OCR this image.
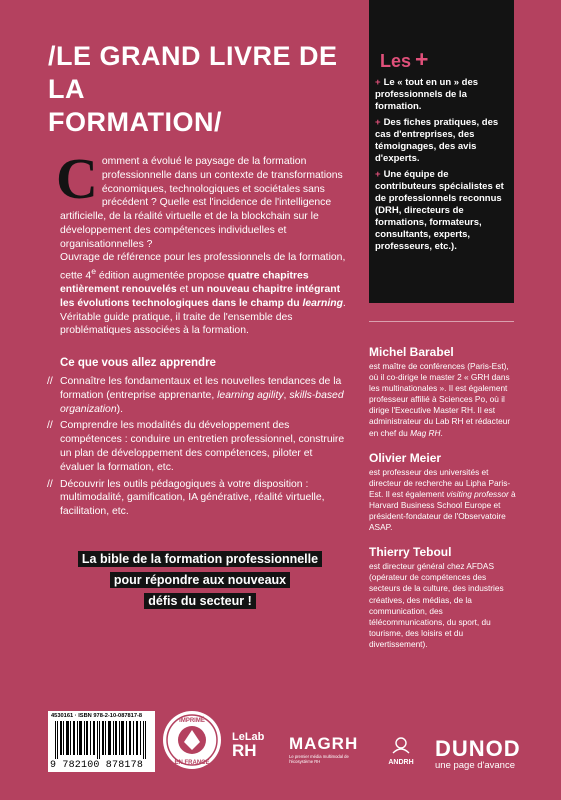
/LE GRAND LIVRE DE LA
FORMATION/

Les +

+ Le « tout en un » des professionnels de la formation.
+ Des fiches pratiques, des cas d'entreprises, des témoignages, des avis d'experts.
+ Une équipe de contributeurs spécialistes et de professionnels reconnus (DRH, directeurs de formations, formateurs, consultants, experts, professeurs, etc.).

Comment a évolué le paysage de la formation professionnelle dans un contexte de transformations économiques, technologiques et sociétales sans précédent ? Quelle est l'incidence de l'intelligence artificielle, de la réalité virtuelle et de la blockchain sur le développement des compétences individuelles et organisationnelles ?

Ouvrage de référence pour les professionnels de la formation, cette 4e édition augmentée propose quatre chapitres entièrement renouvelés et un nouveau chapitre intégrant les évolutions technologiques dans le champ du learning. Véritable guide pratique, il traite de l'ensemble des problématiques associées à la formation.

Ce que vous allez apprendre

// Connaître les fondamentaux et les nouvelles tendances de la formation (entreprise apprenante, learning agility, skills-based organization).
// Comprendre les modalités du développement des compétences : conduire un entretien professionnel, construire un plan de développement des compétences, piloter et évaluer la formation, etc.
// Découvrir les outils pédagogiques à votre disposition : multimodalité, gamification, IA générative, réalité virtuelle, facilitation, etc.

La bible de la formation professionnelle
pour répondre aux nouveaux
défis du secteur !

Michel Barabel

est maître de conférences (Paris-Est), où il co-dirige le master 2 « GRH dans les multinationales ». Il est également professeur affilié à Sciences Po, où il dirige l'Executive Master RH. Il est administrateur du Lab RH et rédacteur en chef du Mag RH.

Olivier Meier

est professeur des universités et directeur de recherche au Lipha Paris-Est. Il est également visiting professor à Harvard Business School Europe et président-fondateur de l'Observatoire ASAP.

Thierry Teboul

est directeur général chez AFDAS (opérateur de compétences des secteurs de la culture, des industries créatives, des médias, de la communication, des télécommunications, du sport, du tourisme, des loisirs et du divertissement).

4530161 · ISBN 978-2-10-087817-8
9 782100 878178
IMPRIMÉ
EN FRANCE
LeLab
RH	MAGRH
Le premier média multimodal de l'écosystème RH	ANDRH
DUNOD
une page d'avance
